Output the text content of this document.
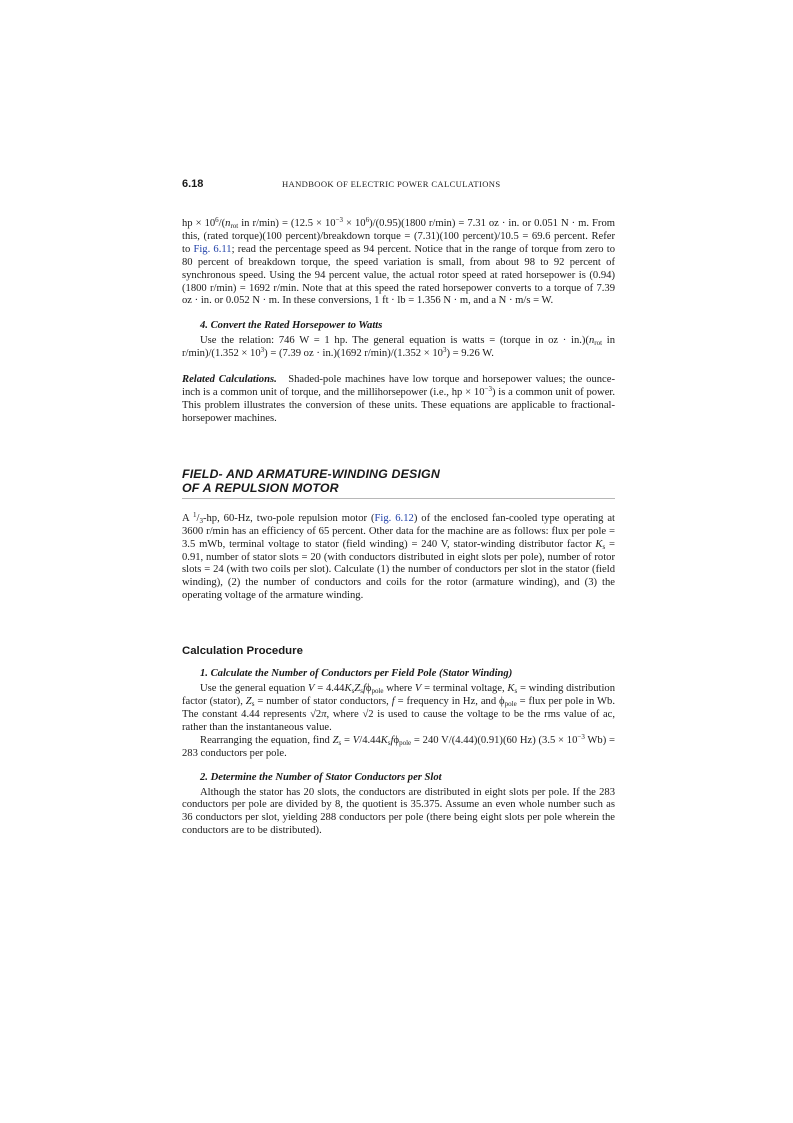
6.18	HANDBOOK OF ELECTRIC POWER CALCULATIONS

hp × $10^6/(n_{rot}$ in $r/\min) = (12.5 \times 10^{-3} \times 10^6)/(0.95)(1800$ r/min) = 7.31 oz · in. or 0.051 N · m. From this, (rated torque)(100 percent)/breakdown torque = (7.31)(100 percent)/10.5 = 69.6 percent. Refer to Fig. 6.11; read the percentage speed as 94 percent. Notice that in the range of torque from zero to 80 percent of breakdown torque, the speed variation is small, from about 98 to 92 percent of synchronous speed. Using the 94 percent value, the actual rotor speed at rated horsepower is (0.94)(1800 r/min) = 1692 r/min. Note that at this speed the rated horsepower converts to a torque of 7.39 oz · in. or 0.052 N · m. In these conversions, 1 ft · lb = 1.356 N · m, and a N · m/s = W.

4. Convert the Rated Horsepower to Watts

Use the relation: 746 W = 1 hp. The general equation is watts = (torque in oz · $in.)(n_{rot}$ in $r/\min)/(1.352 \times 10^3) = (7.39$ oz · in.)(1692 $r/\min)/(1.352 \times 10^3) = 9.26$ W.

Related Calculations.   Shaded-pole machines have low torque and horsepower values; the ounce-inch is a common unit of torque, and the millihorsepower (i.e., hp × $10^{-3}$) is a common unit of power. This problem illustrates the conversion of these units. These equations are applicable to fractional-horsepower machines.

FIELD- AND ARMATURE-WINDING DESIGN
OF A REPULSION MOTOR

A $^1/_3-hp$, 60-Hz, two-pole repulsion motor (Fig. 6.12) of the enclosed fan-cooled type operating at 3600 r/min has an efficiency of 65 percent. Other data for the machine are as follows: flux per pole = 3.5 mWb, terminal voltage to stator (field winding) = 240 V, stator-winding distributor factor $K_s = 0.91$, number of stator slots = 20 (with conductors distributed in eight slots per pole), number of rotor slots = 24 (with two coils per slot). Calculate (1) the number of conductors per slot in the stator (field winding), (2) the number of conductors and coils for the rotor (armature winding), and (3) the operating voltage of the armature winding.

Calculation Procedure
1. Calculate the Number of Conductors per Field Pole (Stator Winding)

Use the general equation $V = 4.44K_sZ_sf\phi_{pole}$ where V = terminal voltage, $K_s$ = winding distribution factor (stator), $Z_s$ = number of stator conductors, f = frequency in Hz, and $\phi_{pole}$ = flux per pole in Wb. The constant 4.44 represents √2π, where √2 is used to cause the voltage to be the rms value of ac, rather than the instantaneous value.

Rearranging the equation, find $Z_s = V/4.44K_sf\phi_{pole} = 240$ V/(4.44)(0.91)(60 Hz) ($3.5 \times 10^{-3}$ Wb) = 283 conductors per pole.

2. Determine the Number of Stator Conductors per Slot

Although the stator has 20 slots, the conductors are distributed in eight slots per pole. If the 283 conductors per pole are divided by 8, the quotient is 35.375. Assume an even whole number such as 36 conductors per slot, yielding 288 conductors per pole (there being eight slots per pole wherein the conductors are to be distributed).
